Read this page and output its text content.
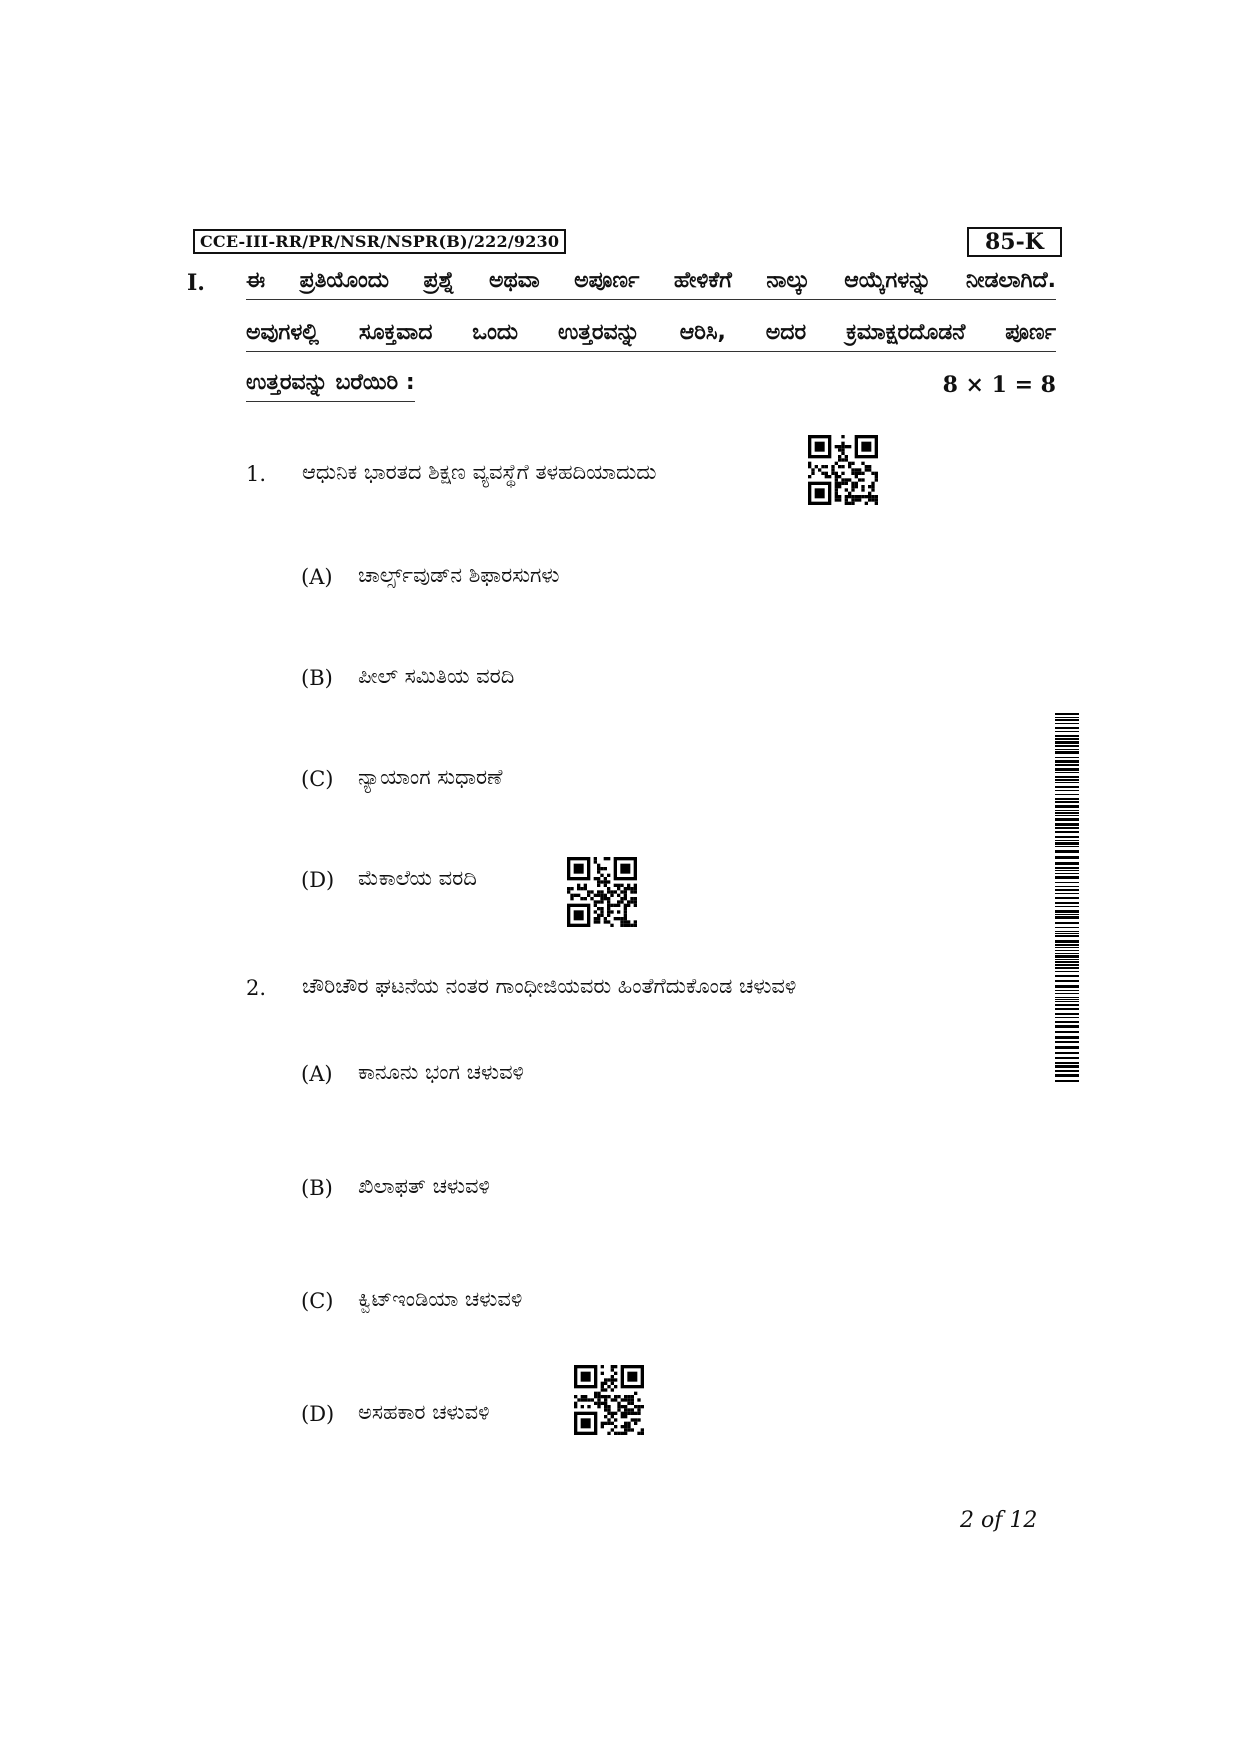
CCE-III-RR/PR/NSR/NSPR(B)/222/9230	85-K
I. ಈ ಪ್ರತಿಯೊಂದು ಪ್ರಶ್ನೆ ಅಥವಾ ಅಪೂರ್ಣ ಹೇಳಿಕೆಗೆ ನಾಲ್ಕು ಆಯ್ಕೆಗಳನ್ನು ನೀಡಲಾಗಿದೆ.
ಅವುಗಳಲ್ಲಿ ಸೂಕ್ತವಾದ ಒಂದು ಉತ್ತರವನ್ನು ಆರಿಸಿ, ಅದರ ಕ್ರಮಾಕ್ಷರದೊಡನೆ ಪೂರ್ಣ
ಉತ್ತರವನ್ನು ಬರೆಯಿರಿ :	8 × 1 = 8
1. ಆಧುನಿಕ ಭಾರತದ ಶಿಕ್ಷಣ ವ್ಯವಸ್ಥೆಗೆ ತಳಹದಿಯಾದುದು
(A) ಚಾರ್ಲ್ಸ್‌ವುಡ್‌ನ ಶಿಫಾರಸುಗಳು
(B) ಪೀಲ್ ಸಮಿತಿಯ ವರದಿ
(C) ನ್ಯಾಯಾಂಗ ಸುಧಾರಣೆ
(D) ಮೆಕಾಲೆಯ ವರದಿ
2. ಚೌರಿಚೌರ ಘಟನೆಯ ನಂತರ ಗಾಂಧೀಜಿಯವರು ಹಿಂತೆಗೆದುಕೊಂಡ ಚಳುವಳಿ
(A) ಕಾನೂನು ಭಂಗ ಚಳುವಳಿ
(B) ಖಿಲಾಫತ್ ಚಳುವಳಿ
(C) ಕ್ವಿಟ್‌ಇಂಡಿಯಾ ಚಳುವಳಿ
(D) ಅಸಹಕಾರ ಚಳುವಳಿ
2 of 12
